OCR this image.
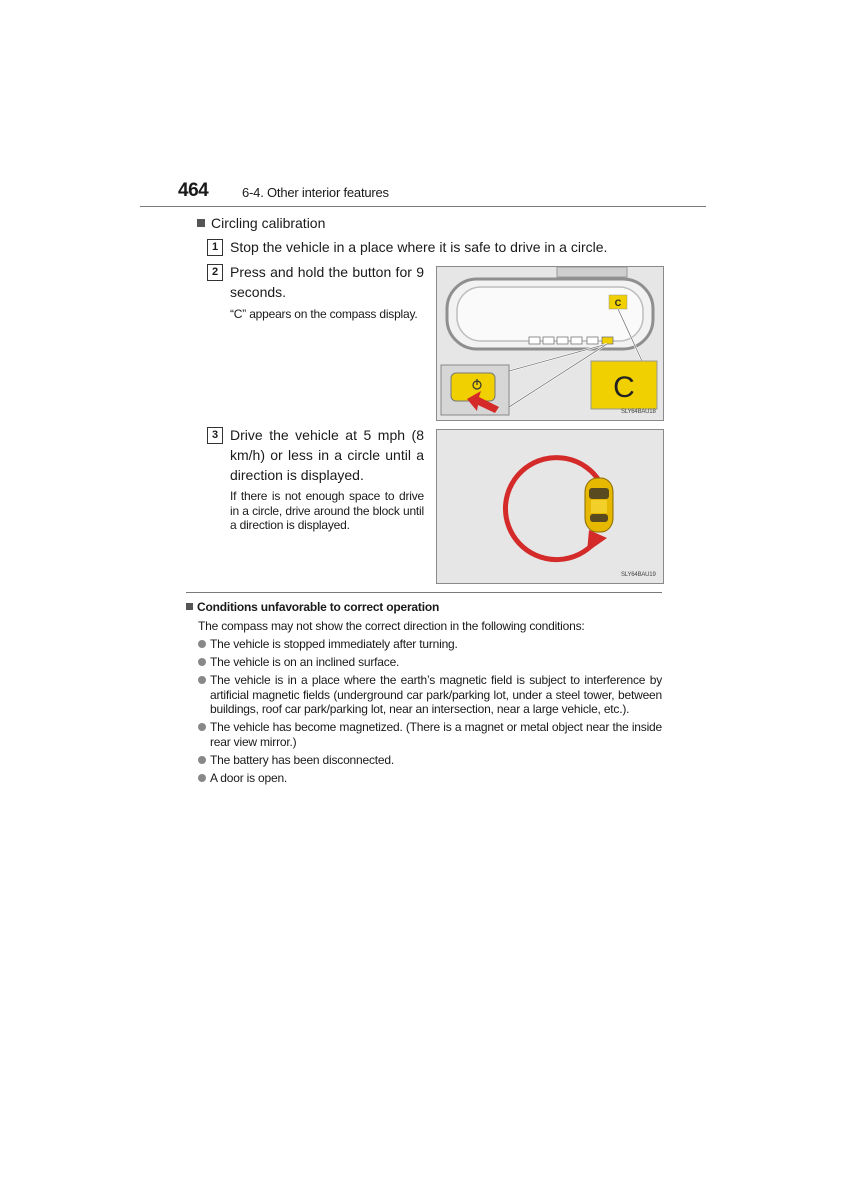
464	6-4. Other interior features
Circling calibration
1 Stop the vehicle in a place where it is safe to drive in a circle.
2 Press and hold the button for 9 seconds.
“C” appears on the compass display.
C
C
SLY64BAU18
3 Drive the vehicle at 5 mph (8 km/h) or less in a circle until a direction is displayed.
If there is not enough space to drive in a circle, drive around the block until a direction is displayed.
SLY64BAU19
Conditions unfavorable to correct operation
The compass may not show the correct direction in the following conditions:
The vehicle is stopped immediately after turning.
The vehicle is on an inclined surface.
The vehicle is in a place where the earth’s magnetic field is subject to interference by artificial magnetic fields (underground car park/parking lot, under a steel tower, between buildings, roof car park/parking lot, near an intersection, near a large vehicle, etc.).
The vehicle has become magnetized. (There is a magnet or metal object near the inside rear view mirror.)
The battery has been disconnected.
A door is open.
